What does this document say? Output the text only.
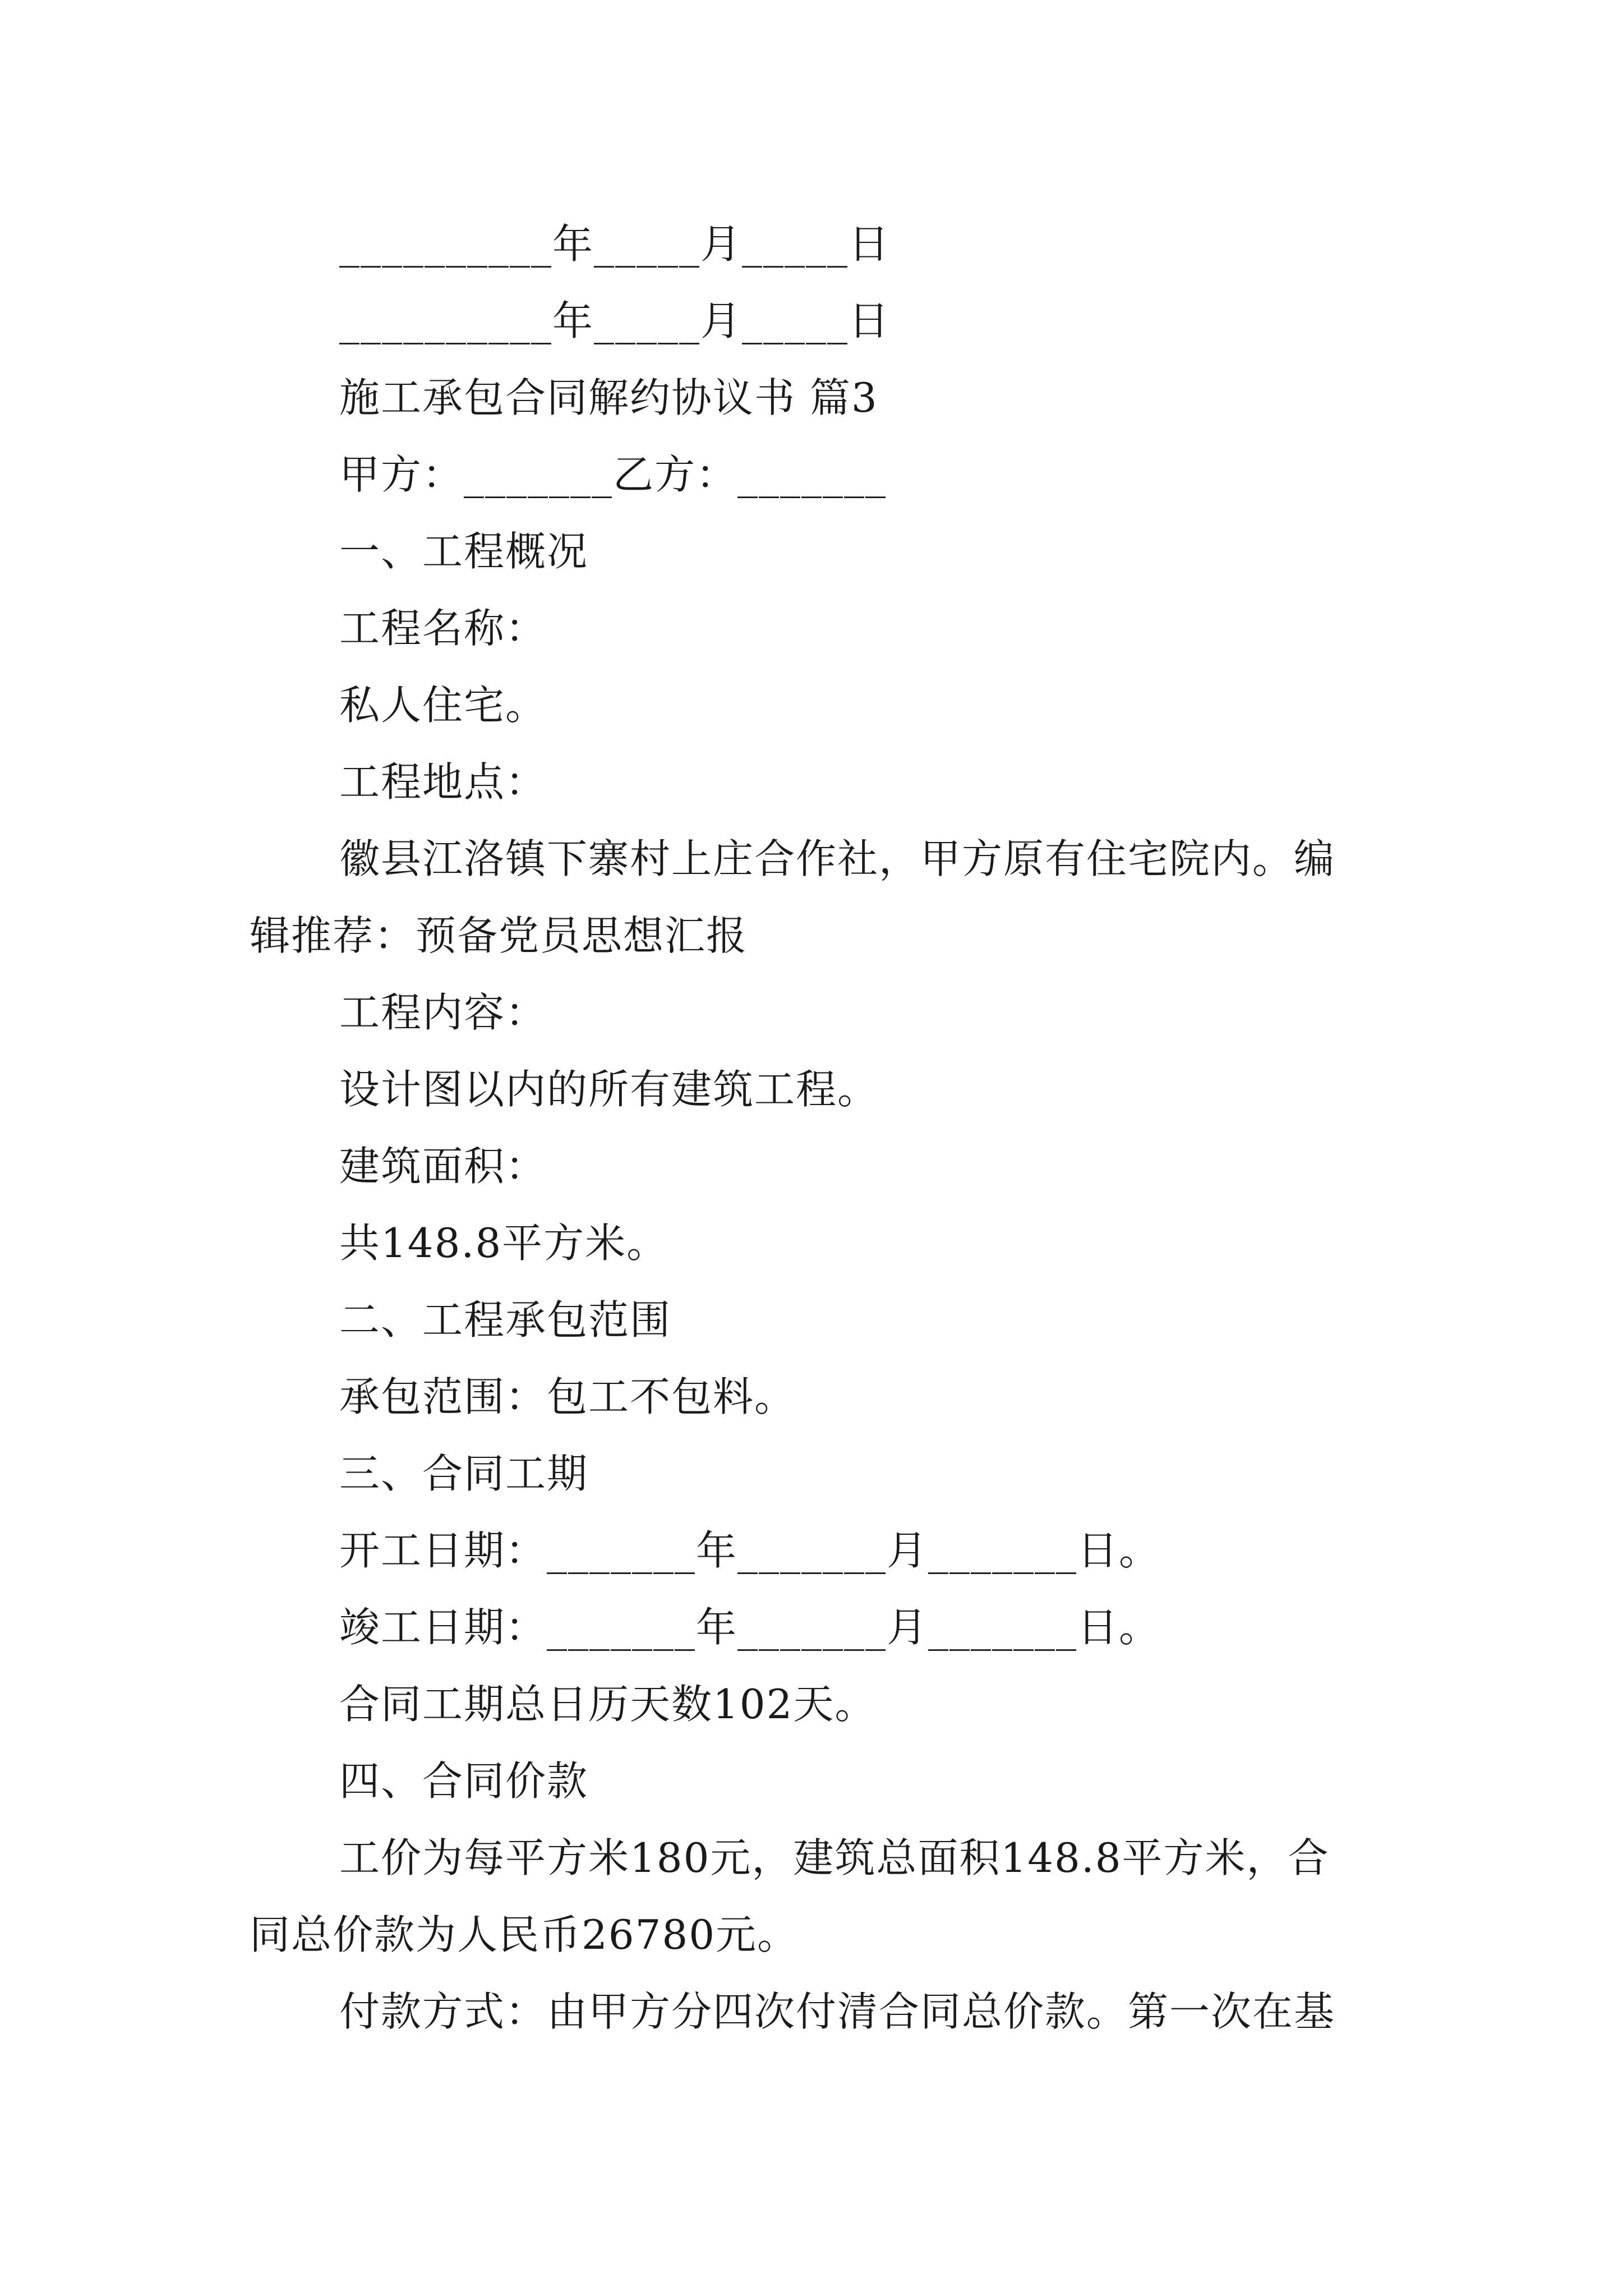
__________年_____月_____日
__________年_____月_____日
施工承包合同解约协议书 篇3
甲方：_______乙方：_______
一、工程概况
工程名称：
私人住宅。
工程地点：
徽县江洛镇下寨村上庄合作社，甲方原有住宅院内。编
辑推荐：预备党员思想汇报
工程内容：
设计图以内的所有建筑工程。
建筑面积：
共148.8平方米。
二、工程承包范围
承包范围：包工不包料。
三、合同工期
开工日期：_______年_______月_______日。
竣工日期：_______年_______月_______日。
合同工期总日历天数102天。
四、合同价款
工价为每平方米180元，建筑总面积148.8平方米，合
同总价款为人民币26780元。
付款方式：由甲方分四次付清合同总价款。第一次在基
